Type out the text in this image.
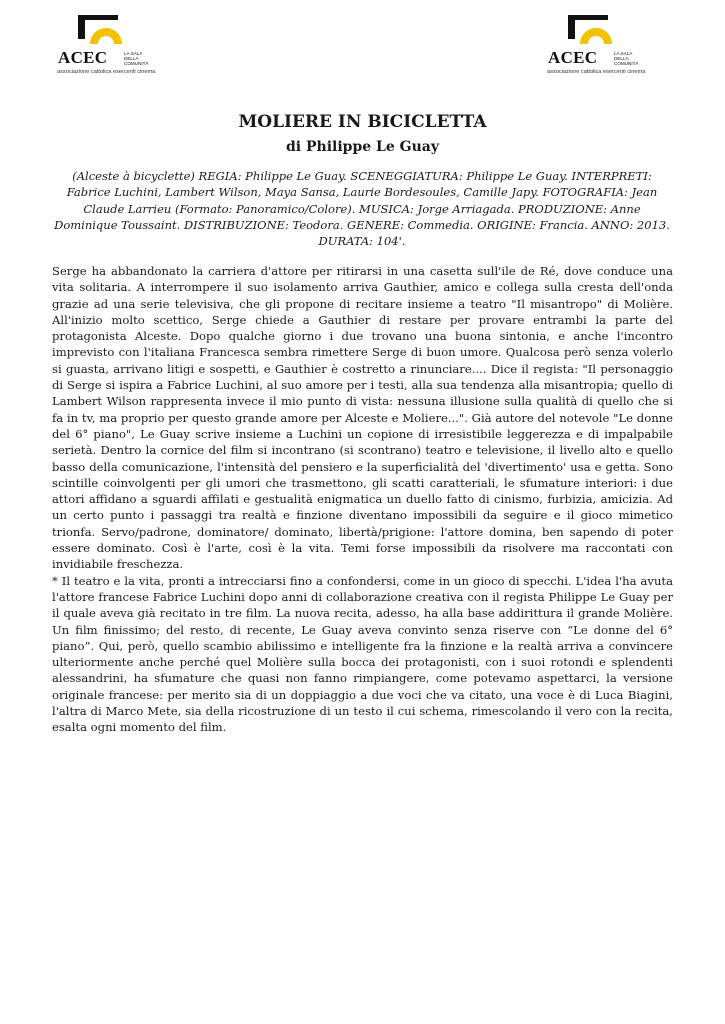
ACEC	LA SALA
DELLA
COMUNITÀ
associazione cattolica esercenti cinema
ACEC	LA SALA
DELLA
COMUNITÀ
associazione cattolica esercenti cinema
MOLIERE IN BICICLETTA
di Philippe Le Guay

(Alceste à bicyclette) REGIA: Philippe Le Guay. SCENEGGIATURA: Philippe Le Guay. INTERPRETI: Fabrice Luchini, Lambert Wilson, Maya Sansa, Laurie Bordesoules, Camille Japy. FOTOGRAFIA: Jean Claude Larrieu (Formato: Panoramico/Colore). MUSICA: Jorge Arriagada. PRODUZIONE: Anne Dominique Toussaint. DISTRIBUZIONE: Teodora. GENERE: Commedia. ORIGINE: Francia. ANNO: 2013. DURATA: 104'.

Serge ha abbandonato la carriera d'attore per ritirarsi in una casetta sull'ile de Ré, dove conduce una vita solitaria. A interrompere il suo isolamento arriva Gauthier, amico e collega sulla cresta dell'onda grazie ad una serie televisiva, che gli propone di recitare insieme a teatro "Il misantropo" di Molière. All'inizio molto scettico, Serge chiede a Gauthier di restare per provare entrambi la parte del protagonista Alceste. Dopo qualche giorno i due trovano una buona sintonia, e anche l'incontro imprevisto con l'italiana Francesca sembra rimettere Serge di buon umore. Qualcosa però senza volerlo si guasta, arrivano litigi e sospetti, e Gauthier è costretto a rinunciare.... Dice il regista: "Il personaggio di Serge si ispira a Fabrice Luchini, al suo amore per i testi, alla sua tendenza alla misantropia; quello di Lambert Wilson rappresenta invece il mio punto di vista: nessuna illusione sulla qualità di quello che si fa in tv, ma proprio per questo grande amore per Alceste e Moliere...". Già autore del notevole "Le donne del 6° piano", Le Guay scrive insieme a Luchini un copione di irresistibile leggerezza e di impalpabile serietà. Dentro la cornice del film si incontrano (si scontrano) teatro e televisione, il livello alto e quello basso della comunicazione, l'intensità del pensiero e la superficialità del 'divertimento' usa e getta. Sono scintille coinvolgenti per gli umori che trasmettono, gli scatti caratteriali, le sfumature interiori: i due attori affidano a sguardi affilati e gestualità enigmatica un duello fatto di cinismo, furbizia, amicizia. Ad un certo punto i passaggi tra realtà e finzione diventano impossibili da seguire e il gioco mimetico trionfa. Servo/padrone, dominatore/ dominato, libertà/prigione: l'attore domina, ben sapendo di poter essere dominato. Così è l'arte, così è la vita. Temi forse impossibili da risolvere ma raccontati con invidiabile freschezza.

* Il teatro e la vita, pronti a intrecciarsi fino a confondersi, come in un gioco di specchi. L'idea l'ha avuta l'attore francese Fabrice Luchini dopo anni di collaborazione creativa con il regista Philippe Le Guay per il quale aveva già recitato in tre film. La nuova recita, adesso, ha alla base addirittura il grande Molière. Un film finissimo; del resto, di recente, Le Guay aveva convinto senza riserve con “Le donne del 6° piano”. Qui, però, quello scambio abilissimo e intelligente fra la finzione e la realtà arriva a convincere ulteriormente anche perché quel Molière sulla bocca dei protagonisti, con i suoi rotondi e splendenti alessandrini, ha sfumature che quasi non fanno rimpiangere, come potevamo aspettarci, la versione originale francese: per merito sia di un doppiaggio a due voci che va citato, una voce è di Luca Biagini, l'altra di Marco Mete, sia della ricostruzione di un testo il cui schema, rimescolando il vero con la recita, esalta ogni momento del film.
